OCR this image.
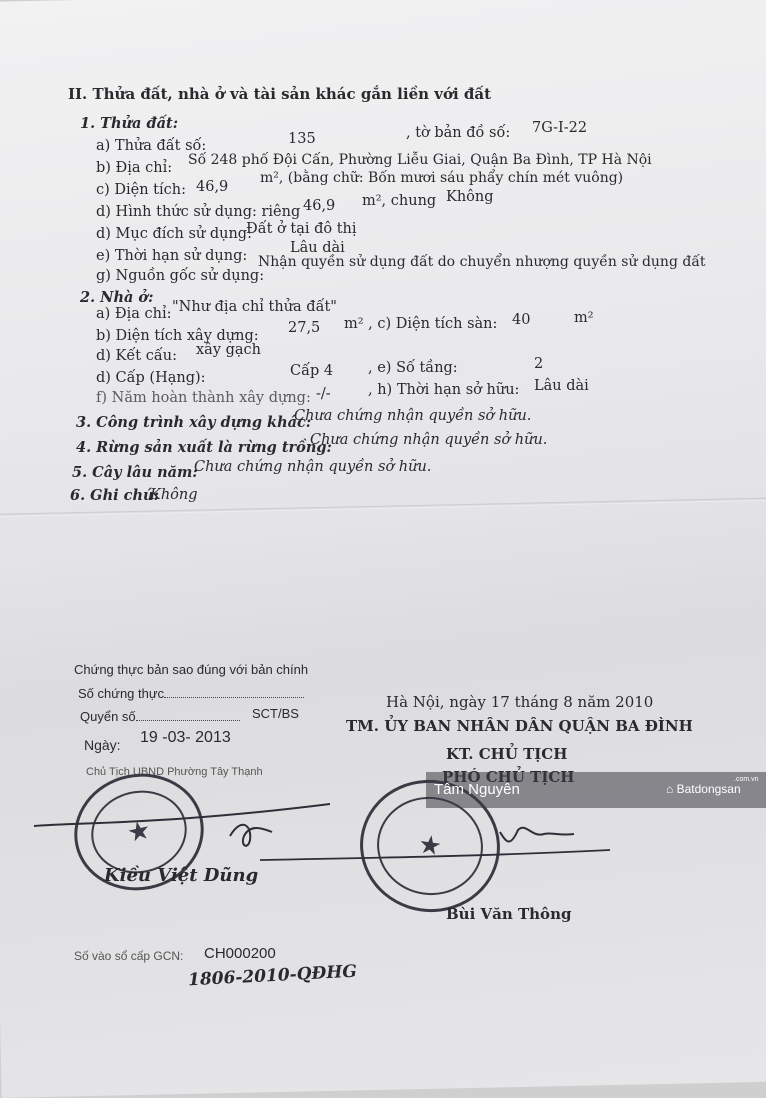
II. Thửa đất, nhà ở và tài sản khác gắn liền với đất
1. Thửa đất:
a) Thửa đất số:	135	, tờ bản đồ số: 7G-I-22
b) Địa chỉ: Số 248 phố Đội Cấn, Phường Liễu Giai, Quận Ba Đình, TP Hà Nội
c) Diện tích: 46,9
m², (bằng chữ: Bốn mươi sáu phẩy chín mét vuông)
d) Hình thức sử dụng: riêng 46,9 m², chung Không
d) Mục đích sử dụng:
Đất ở tại đô thị
e) Thời hạn sử dụng:	Lâu dài
g) Nguồn gốc sử dụng:
Nhận quyền sử dụng đất do chuyển nhượng quyền sử dụng đất
2. Nhà ở:
a) Địa chỉ: "Như địa chỉ thửa đất"
b) Diện tích xây dựng: 27,5 m² , c) Diện tích sàn: 40	m²
d) Kết cấu: xây gạch
d) Cấp (Hạng):	Cấp 4 , e) Số tầng:	2
f) Năm hoàn thành xây dựng: -/-	, h) Thời hạn sở hữu: Lâu dài
3. Công trình xây dựng khác:
Chưa chứng nhận quyền sở hữu.
4. Rừng sản xuất là rừng trồng:
Chưa chứng nhận quyền sở hữu.
5. Cây lâu năm:
Chưa chứng nhận quyền sở hữu.
6. Ghi chú:
Không
Chứng thực bản sao đúng với bản chính
Số chứng thực
Quyển số	SCT/BS
Ngày: 19 -03- 2013
Chủ Tịch UBND Phường Tây Thạnh
★
Kiều Việt Dũng
Hà Nội, ngày 17 tháng 8 năm 2010
TM. ỦY BAN NHÂN DÂN QUẬN BA ĐÌNH
KT. CHỦ TỊCH
★
Bùi Văn Thông
Số vào sổ cấp GCN: CH000200
1806-2010-QĐHG
Tâm Nguyên	⌂ Batdongsan
.com.vn
